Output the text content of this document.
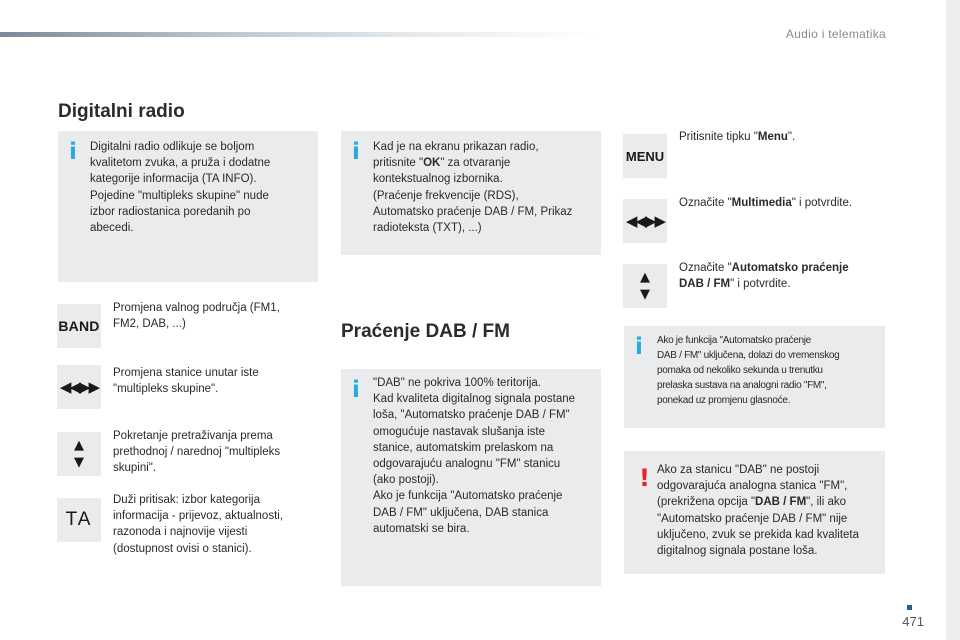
Audio i telematika
Digitalni radio
i Digitalni radio odlikuje se boljom
kvalitetom zvuka, a pruža i dodatne
kategorije informacija (TA INFO).
Pojedine "multipleks skupine" nude
izbor radiostanica poredanih po
abecedi.
BAND
Promjena valnog područja (FM1,
FM2, DAB, ...)
◀◀▶▶
Promjena stanice unutar iste
"multipleks skupine".
▲
▼
Pokretanje pretraživanja prema
prethodnoj / narednoj "multipleks
skupini".
TA
Duži pritisak: izbor kategorija
informacija - prijevoz, aktualnosti,
razonoda i najnovije vijesti
(dostupnost ovisi o stanici).
i Kad je na ekranu prikazan radio,
pritisnite "OK" za otvaranje
kontekstualnog izbornika.
(Praćenje frekvencije (RDS),
Automatsko praćenje DAB / FM, Prikaz
radioteksta (TXT), ...)
Praćenje DAB / FM
i "DAB" ne pokriva 100% teritorija.
Kad kvaliteta digitalnog signala postane
loša, "Automatsko praćenje DAB / FM"
omogućuje nastavak slušanja iste
stanice, automatskim prelaskom na
odgovarajuću analognu "FM" stanicu
(ako postoji).
Ako je funkcija "Automatsko praćenje
DAB / FM" uključena, DAB stanica
automatski se bira.
MENU
Pritisnite tipku "Menu".
◀◀▶▶
Označite "Multimedia" i potvrdite.
▲
▼
Označite "Automatsko praćenje
DAB / FM" i potvrdite.
i Ako je funkcija "Automatsko praćenje
DAB / FM" uključena, dolazi do vremenskog
pomaka od nekoliko sekunda u trenutku
prelaska sustava na analogni radio "FM",
ponekad uz promjenu glasnoće.
! Ako za stanicu "DAB" ne postoji
odgovarajuća analogna stanica "FM",
(prekrižena opcija "DAB / FM", ili ako
"Automatsko praćenje DAB / FM" nije
uključeno, zvuk se prekida kad kvaliteta
digitalnog signala postane loša.
471
